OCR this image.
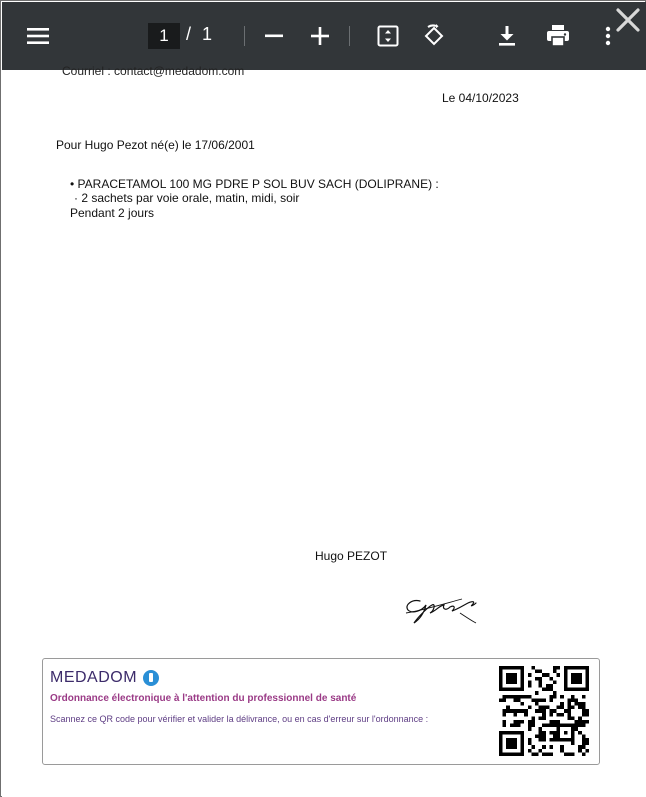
1 / 1
Courriel : contact@medadom.com
Le 04/10/2023
Pour Hugo Pezot né(e) le 17/06/2001
• PARACETAMOL 100 MG PDRE P SOL BUV SACH (DOLIPRANE) :
· 2 sachets par voie orale, matin, midi, soir
Pendant 2 jours
Hugo PEZOT
MEDADOM
Ordonnance électronique à l'attention du professionnel de santé
Scannez ce QR code pour vérifier et valider la délivrance, ou en cas d'erreur sur l'ordonnance :
